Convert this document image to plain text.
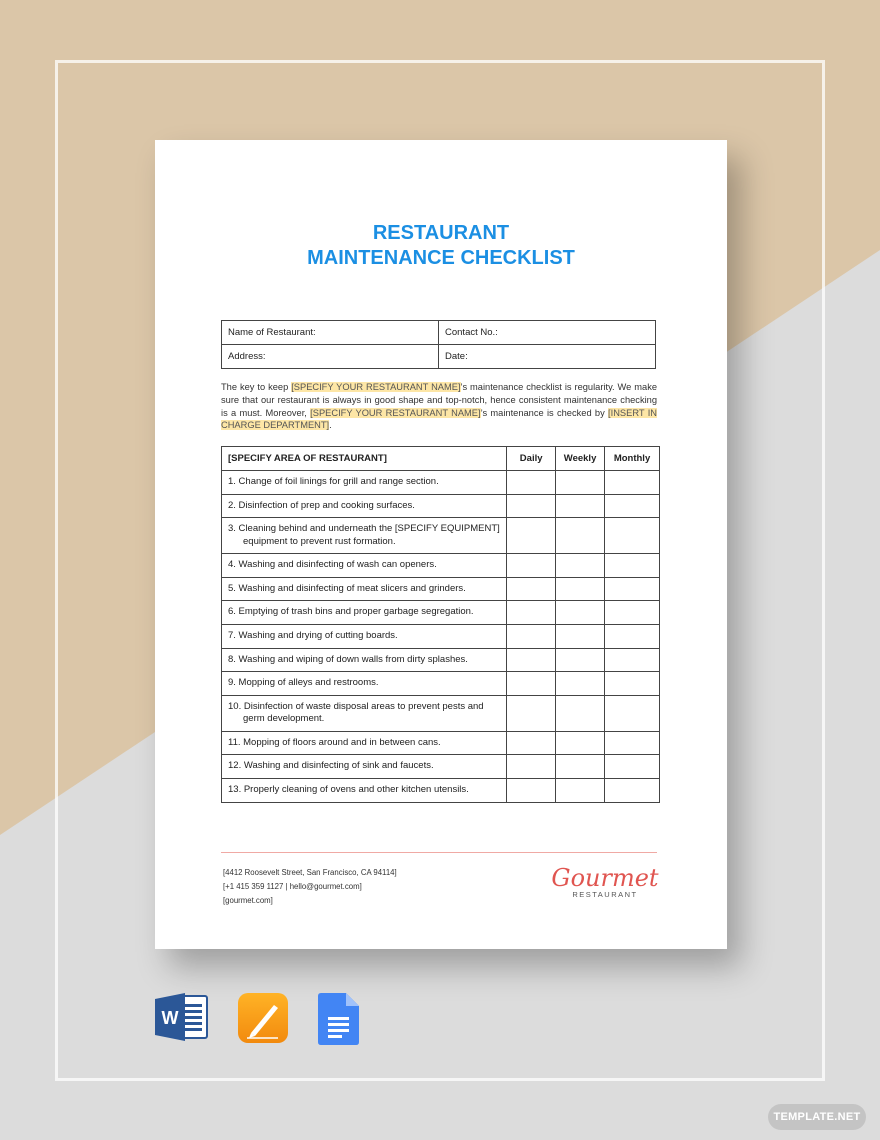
RESTAURANT
MAINTENANCE CHECKLIST
Name of Restaurant:	Contact No.:
Address:	Date:

The key to keep [SPECIFY YOUR RESTAURANT NAME]’s maintenance checklist is regularity. We make sure that our restaurant is always in good shape and top-notch, hence consistent maintenance checking is a must. Moreover, [SPECIFY YOUR RESTAURANT NAME]’s maintenance is checked by [INSERT IN CHARGE DEPARTMENT].

[SPECIFY AREA OF RESTAURANT]	Daily	Weekly	Monthly

1. Change of foil linings for grill and range section.			

2. Disinfection of prep and cooking surfaces.			

3. Cleaning behind and underneath the [SPECIFY EQUIPMENT] equipment to prevent rust formation.			

4. Washing and disinfecting of wash can openers.			

5. Washing and disinfecting of meat slicers and grinders.			

6. Emptying of trash bins and proper garbage segregation.			

7. Washing and drying of cutting boards.			

8. Washing and wiping of down walls from dirty splashes.			

9. Mopping of alleys and restrooms.			

10. Disinfection of waste disposal areas to prevent pests and germ development.			

11. Mopping of floors around and in between cans.			

12. Washing and disinfecting of sink and faucets.			

13. Properly cleaning of ovens and other kitchen utensils.			

[4412 Roosevelt Street, San Francisco, CA 94114]
[+1 415 359 1127 | hello@gourmet.com]
[gourmet.com]
Gourmet
RESTAURANT
W
TEMPLATE.NET
